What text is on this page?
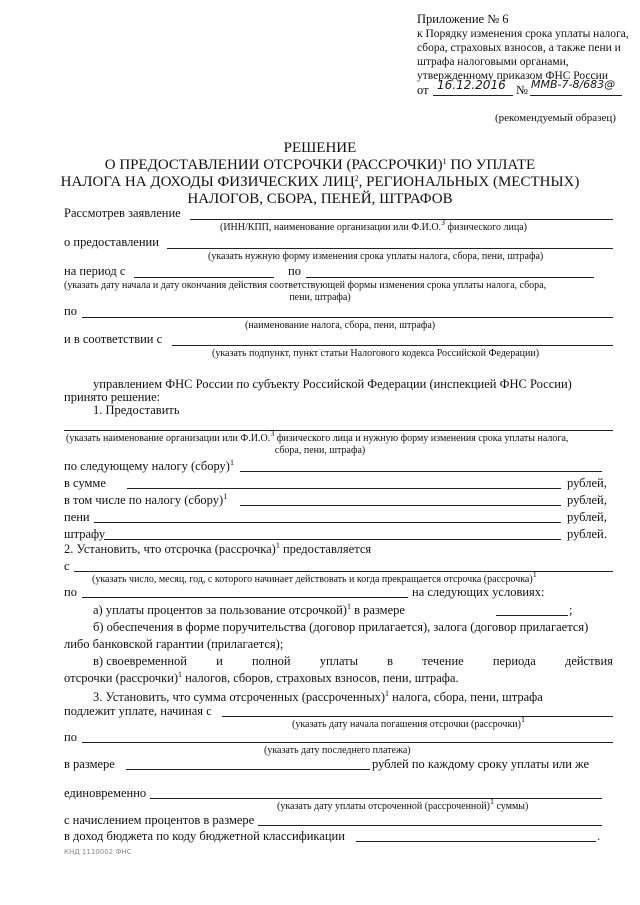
Приложение № 6
к Порядку изменения срока уплаты налога,
сбора, страховых взносов, а также пени и
штрафа налоговыми органами,
утвержденному приказом ФНС России
от 16.12.2016 № ММВ-7-8/683@
(рекомендуемый образец)
РЕШЕНИЕ
О ПРЕДОСТАВЛЕНИИ ОТСРОЧКИ (РАССРОЧКИ)$^1$ ПО УПЛАТЕ
НАЛОГА НА ДОХОДЫ ФИЗИЧЕСКИХ ЛИЦ$^2$, РЕГИОНАЛЬНЫХ (МЕСТНЫХ)
НАЛОГОВ, СБОРА, ПЕНЕЙ, ШТРАФОВ
Рассмотрев заявление
(ИНН/КПП, наименование организации или Ф.И.О.$^3$ физического лица)
о предоставлении
(указать нужную форму изменения срока уплаты налога, сбора, пени, штрафа)
на период с	по
(указать дату начала и дату окончания действия соответствующей формы изменения срока уплаты налога, сбора,
пени, штрафа)
по
(наименование налога, сбора, пени, штрафа)
и в соответствии с
(указать подпункт, пункт статьи Налогового кодекса Российской Федерации)
управлением ФНС России по субъекту Российской Федерации (инспекцией ФНС России)
принято решение:
1. Предоставить
(указать наименование организации или Ф.И.О.$^3$ физического лица и нужную форму изменения срока уплаты налога,
сбора, пени, штрафа)
по следующему налогу (сбору)$^1$
в сумме	рублей,
в том числе по налогу (сбору)$^1$	рублей,
пени	рублей,
штрафу	рублей.
2. Установить, что отсрочка (рассрочка)$^1$ предоставляется
с
(указать число, месяц, год, с которого начинает действовать и когда прекращается отсрочка (рассрочка)$^1$
по	на следующих условиях:
а) уплаты процентов за пользование отсрочкой)$^1$ в размере	;
б) обеспечения в форме поручительства (договор прилагается), залога (договор прилагается)
либо банковской гарантии (прилагается);
в) своевременной и полной уплаты в течение периода действия
отсрочки (рассрочки)$^1$ налогов, сборов, страховых взносов, пени, штрафа.
3. Установить, что сумма отсроченных (рассроченных)$^1$ налога, сбора, пени, штрафа
подлежит уплате, начиная с
(указать дату начала погашения отсрочки (рассрочки)$^1$
по
(указать дату последнего платежа)
в размере	рублей по каждому сроку уплаты или же
единовременно
(указать дату уплаты отсроченной (рассроченной)$^1$ суммы)
с начислением процентов в размере
в доход бюджета по коду бюджетной классификации	.
КНД 1110002 ФНС
